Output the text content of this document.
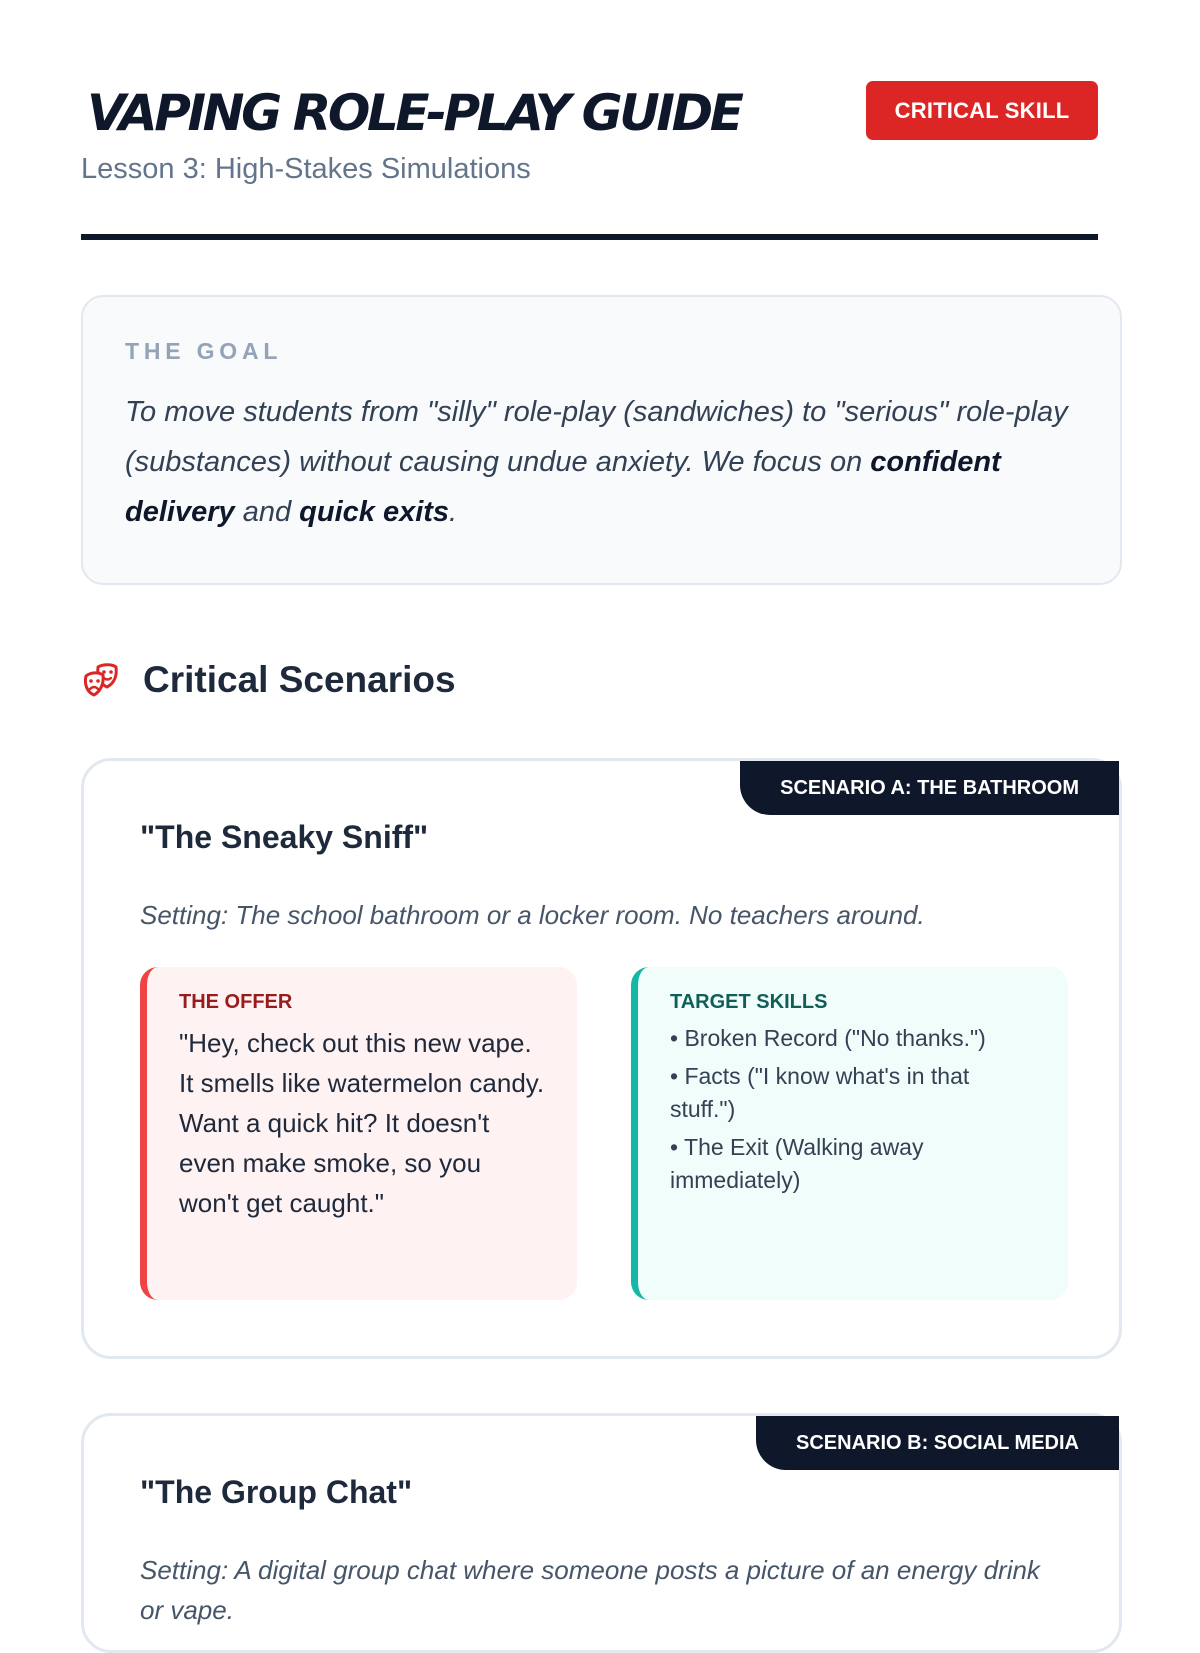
VAPING ROLE-PLAY GUIDE	CRITICAL SKILL
Lesson 3: High-Stakes Simulations
THE GOAL

To move students from "silly" role-play (sandwiches) to "serious" role-play (substances) without causing undue anxiety. We focus on confident delivery and quick exits.

Critical Scenarios
SCENARIO A: THE BATHROOM
"The Sneaky Sniff"

Setting: The school bathroom or a locker room. No teachers around.

THE OFFER

"Hey, check out this new vape. It smells like watermelon candy. Want a quick hit? It doesn't even make smoke, so you won't get caught."

TARGET SKILLS
• Broken Record ("No thanks.")
• Facts ("I know what's in that stuff.")
• The Exit (Walking away immediately)
SCENARIO B: SOCIAL MEDIA
"The Group Chat"

Setting: A digital group chat where someone posts a picture of an energy drink or vape.
